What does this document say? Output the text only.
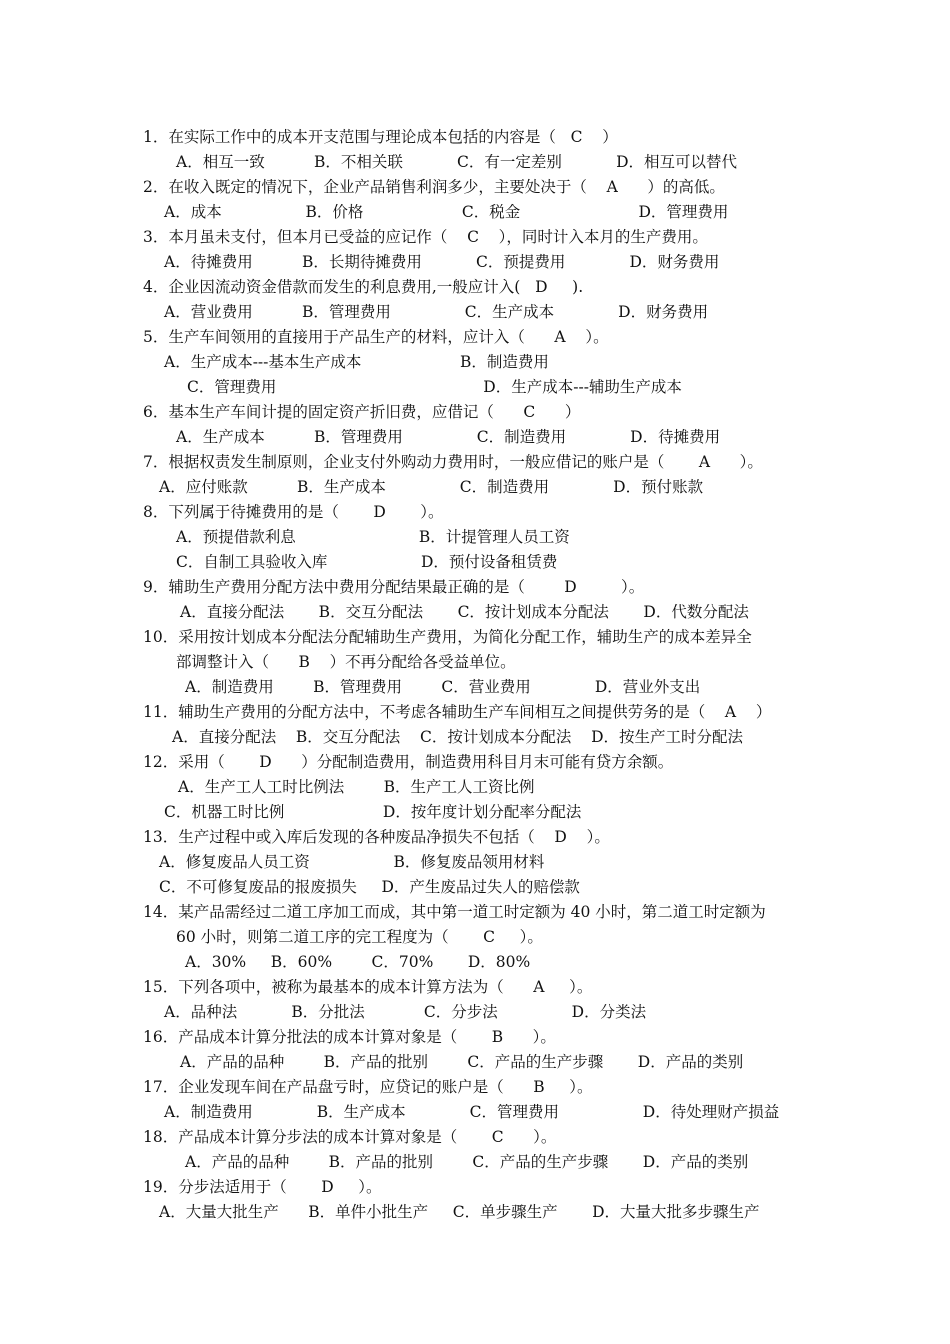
1．在实际工作中的成本开支范围与理论成本包括的内容是（   C    ）
A．相互一致          B．不相关联           C．有一定差别           D．相互可以替代
2．在收入既定的情况下，企业产品销售利润多少，主要处决于（    A      ）的高低。
A．成本                 B．价格                    C．税金                        D．管理费用
3．本月虽未支付，但本月已受益的应记作（    C    ），同时计入本月的生产费用。
A．待摊费用          B．长期待摊费用           C．预提费用             D．财务费用
4．企业因流动资金借款而发生的利息费用,一般应计入(   D     ).
A．营业费用          B．管理费用               C．生产成本             D．财务费用
5．生产车间领用的直接用于产品生产的材料，应计入（      A    ）。
A．生产成本---基本生产成本                    B．制造费用
C．管理费用                                          D．生产成本---辅助生产成本
6．基本生产车间计提的固定资产折旧费，应借记（      C      ）
A．生产成本          B．管理费用               C．制造费用             D．待摊费用
7．根据权责发生制原则，企业支付外购动力费用时，一般应借记的账户是（       A      ）。
A．应付账款          B．生产成本               C．制造费用             D．预付账款
8．下列属于待摊费用的是（       D       ）。
A．预提借款利息                         B．计提管理人员工资
C．自制工具验收入库                   D．预付设备租赁费
9．辅助生产费用分配方法中费用分配结果最正确的是（        D         ）。
A．直接分配法       B．交互分配法       C．按计划成本分配法       D．代数分配法
10．采用按计划成本分配法分配辅助生产费用，为简化分配工作，辅助生产的成本差异全
部调整计入（      B    ）不再分配给各受益单位。
A．制造费用        B．管理费用        C．营业费用             D．营业外支出
11．辅助生产费用的分配方法中，不考虑各辅助生产车间相互之间提供劳务的是（    A    ）
A．直接分配法    B．交互分配法    C．按计划成本分配法    D．按生产工时分配法
12．采用（       D      ）分配制造费用，制造费用科目月末可能有贷方余额。
A．生产工人工时比例法        B．生产工人工资比例
C．机器工时比例                    D．按年度计划分配率分配法
13．生产过程中或入库后发现的各种废品净损失不包括（    D    ）。
A．修复废品人员工资                 B．修复废品领用材料
C．不可修复废品的报废损失     D．产生废品过失人的赔偿款
14．某产品需经过二道工序加工而成，其中第一道工时定额为 40 小时，第二道工时定额为
60 小时，则第二道工序的完工程度为（       C     ）。
A．30%     B．60%        C．70%       D．80%
15．下列各项中，被称为最基本的成本计算方法为（      A     ）。
A．品种法           B．分批法            C．分步法               D．分类法
16．产品成本计算分批法的成本计算对象是（       B      ）。
A．产品的品种        B．产品的批别        C．产品的生产步骤       D．产品的类别
17．企业发现车间在产品盘亏时，应贷记的账户是（      B     ）。
A．制造费用             B．生产成本             C．管理费用                 D．待处理财产损益
18．产品成本计算分步法的成本计算对象是（       C      ）。
A．产品的品种        B．产品的批别        C．产品的生产步骤       D．产品的类别
19．分步法适用于（       D     ）。
A．大量大批生产      B．单件小批生产     C．单步骤生产       D．大量大批多步骤生产
